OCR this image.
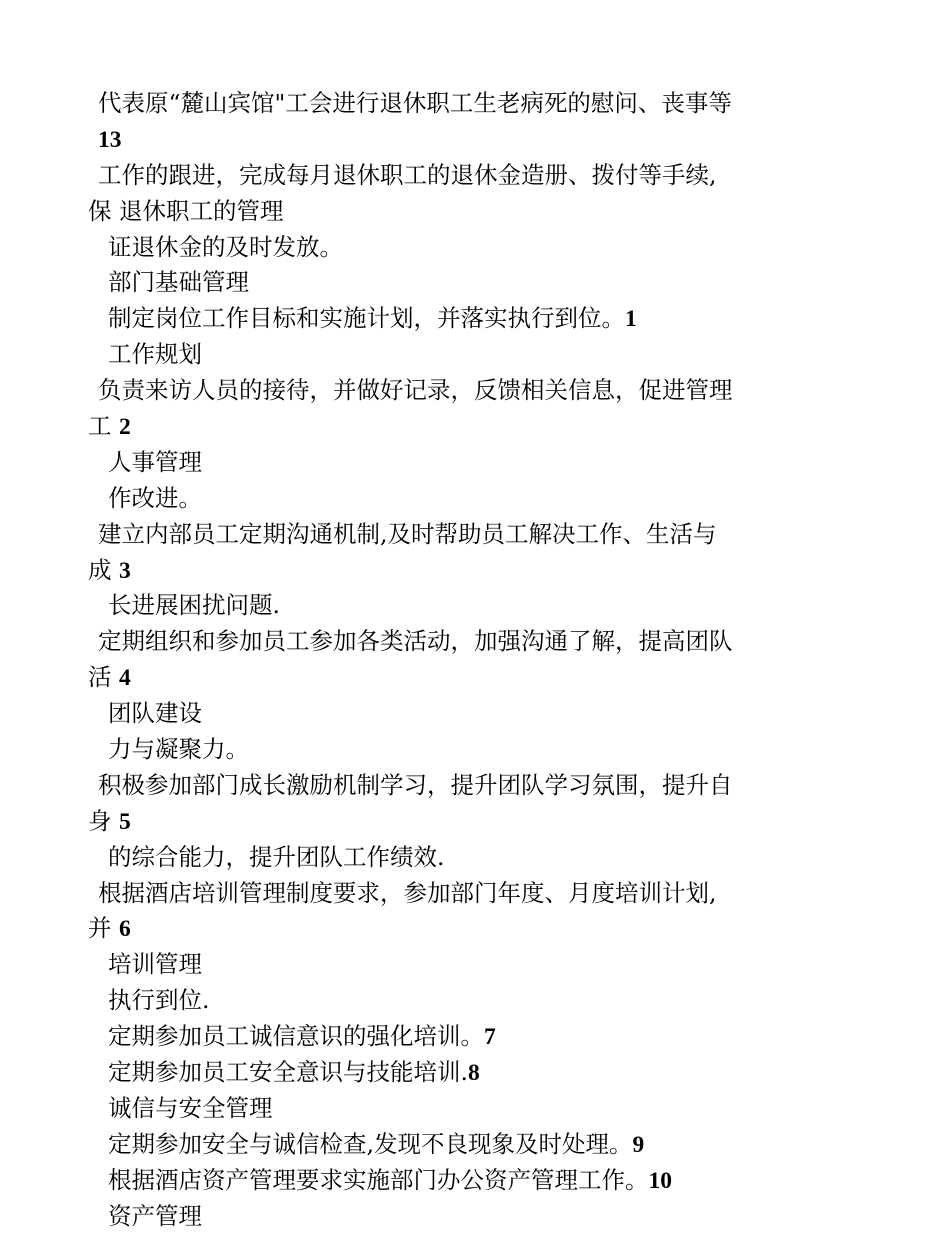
代表原“麓山宾馆"工会进行退休职工生老病死的慰问、丧事等
13
工作的跟进，完成每月退休职工的退休金造册、拨付等手续,
保 退休职工的管理
证退休金的及时发放。
部门基础管理
制定岗位工作目标和实施计划，并落实执行到位。1
工作规划
负责来访人员的接待，并做好记录，反馈相关信息，促进管理
工 2
人事管理
作改进。
建立内部员工定期沟通机制,及时帮助员工解决工作、生活与
成 3
长进展困扰问题.
定期组织和参加员工参加各类活动，加强沟通了解，提高团队
活 4
团队建设
力与凝聚力。
积极参加部门成长激励机制学习，提升团队学习氛围，提升自
身 5
的综合能力，提升团队工作绩效.
根据酒店培训管理制度要求，参加部门年度、月度培训计划,
并 6
培训管理
执行到位.
定期参加员工诚信意识的强化培训。7
定期参加员工安全意识与技能培训.8
诚信与安全管理
定期参加安全与诚信检查,发现不良现象及时处理。9
根据酒店资产管理要求实施部门办公资产管理工作。10
资产管理
